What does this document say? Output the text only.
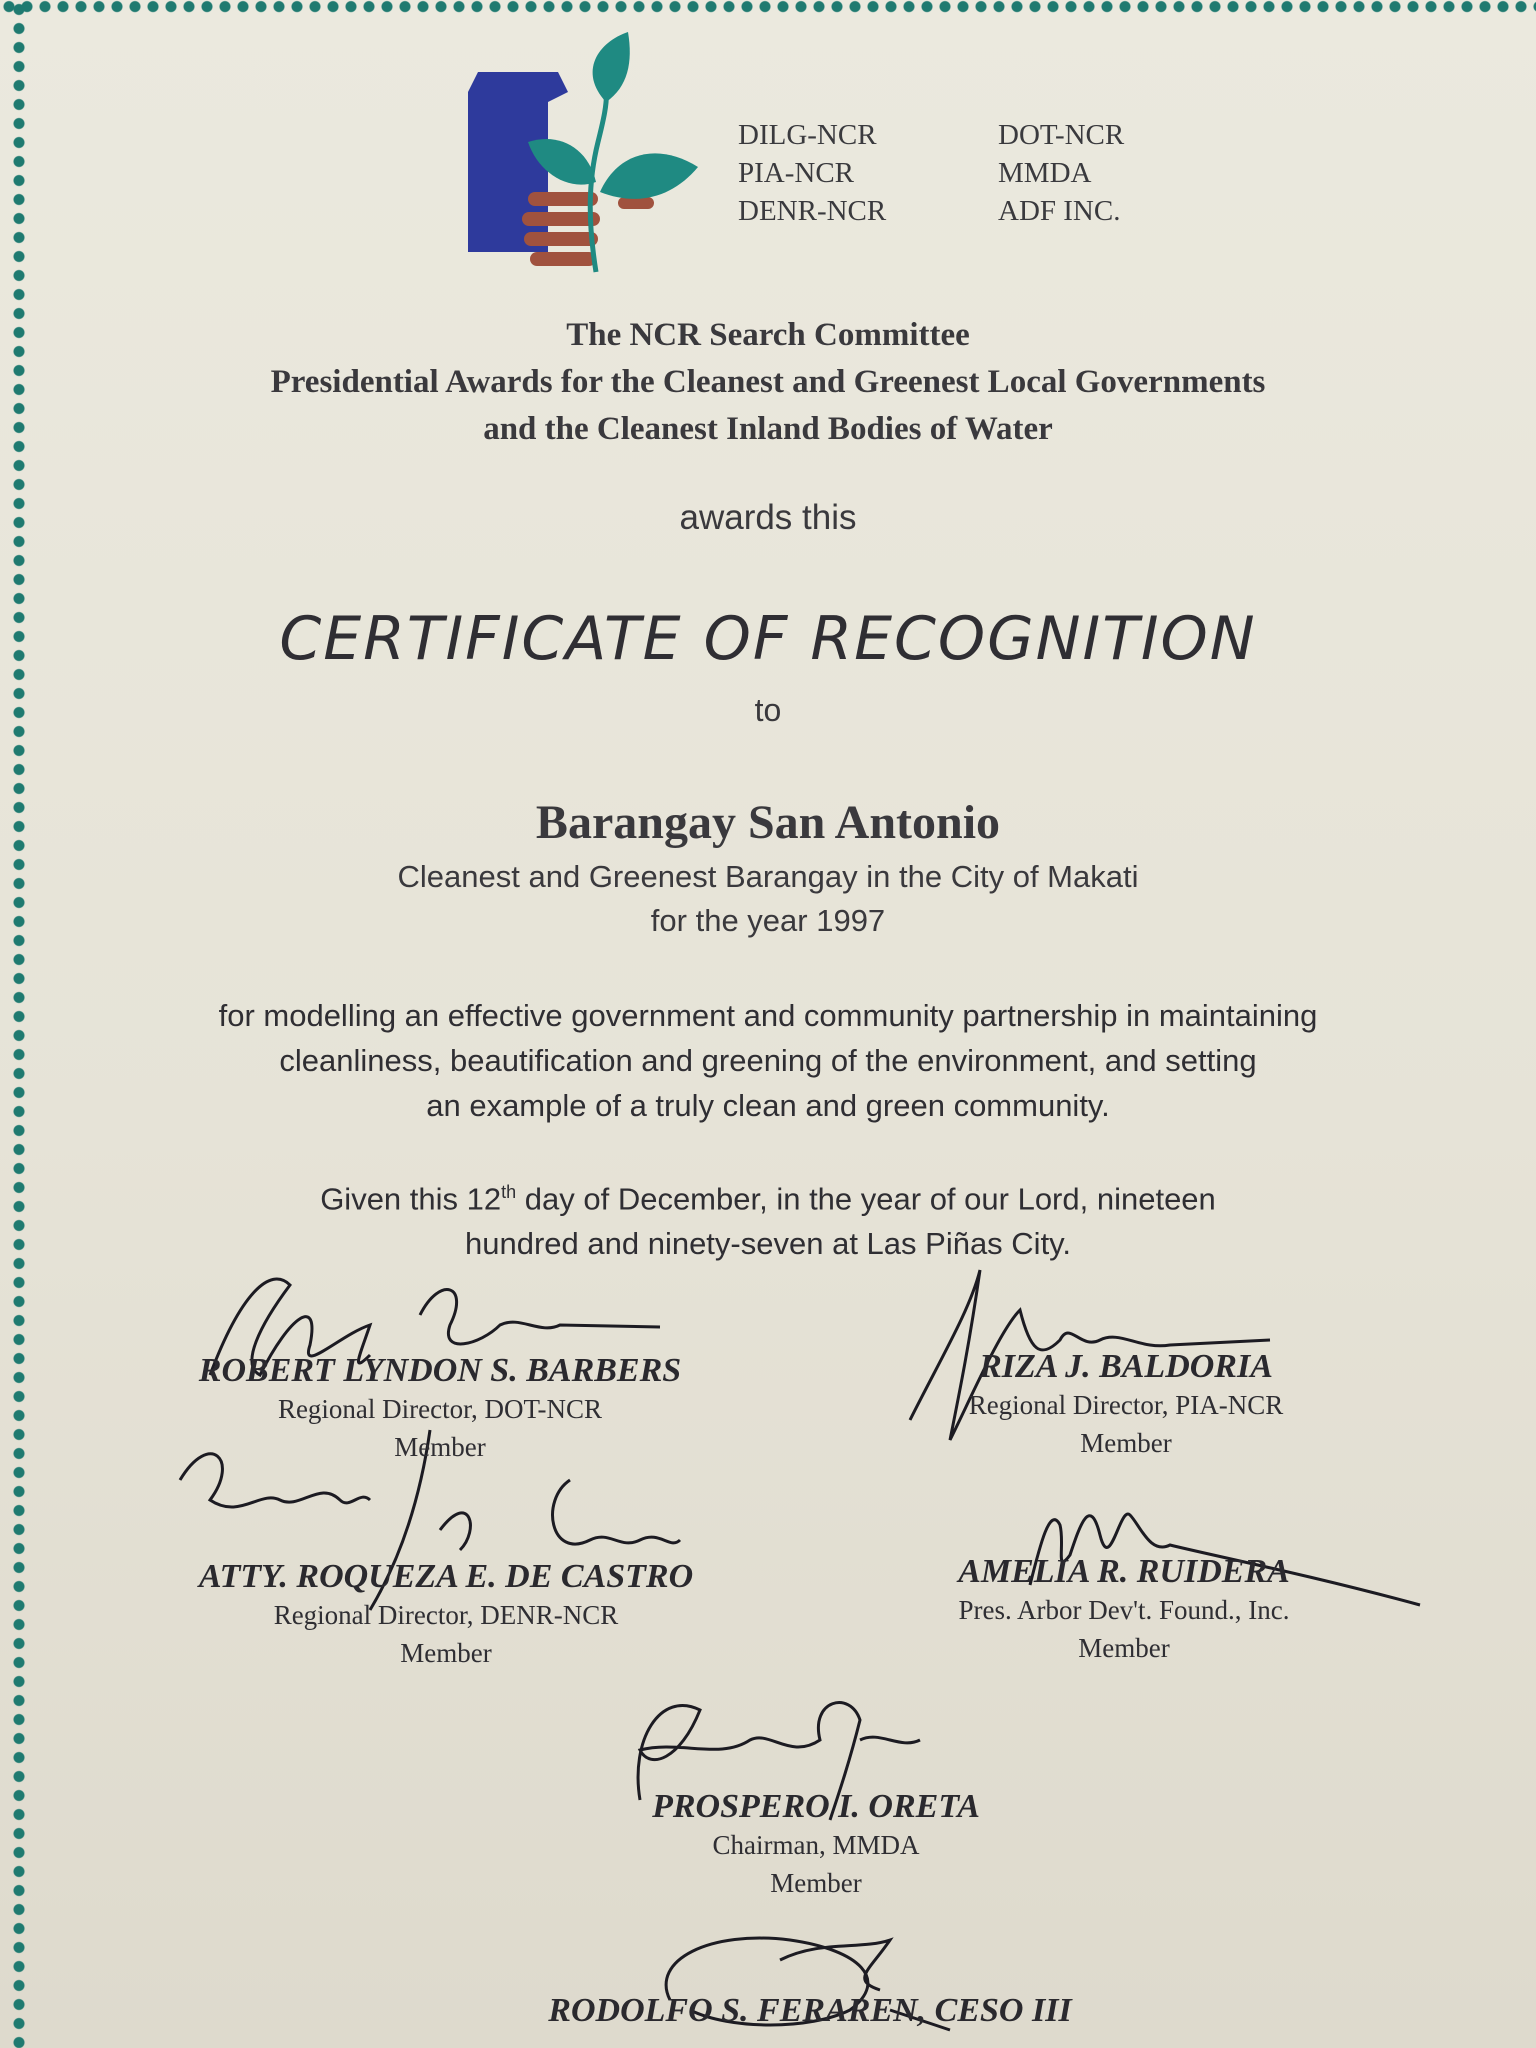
DILG-NCR
PIA-NCR
DENR-NCR
DOT-NCR
MMDA
ADF INC.
The NCR Search Committee
Presidential Awards for the Cleanest and Greenest Local Governments
and the Cleanest Inland Bodies of Water
awards this
CERTIFICATE OF RECOGNITION
to
Barangay San Antonio
Cleanest and Greenest Barangay in the City of Makati
for the year 1997
for modelling an effective government and community partnership in maintaining
cleanliness, beautification and greening of the environment, and setting
an example of a truly clean and green community.
Given this 12th day of December, in the year of our Lord, nineteen
hundred and ninety-seven at Las Piñas City.
ROBERT LYNDON S. BARBERS
Regional Director, DOT-NCR
Member
RIZA J. BALDORIA
Regional Director, PIA-NCR
Member
ATTY. ROQUEZA E. DE CASTRO
Regional Director, DENR-NCR
Member
AMELIA R. RUIDERA
Pres. Arbor Dev't. Found., Inc.
Member
PROSPERO I. ORETA
Chairman, MMDA
Member
RODOLFO S. FERAREN, CESO III
